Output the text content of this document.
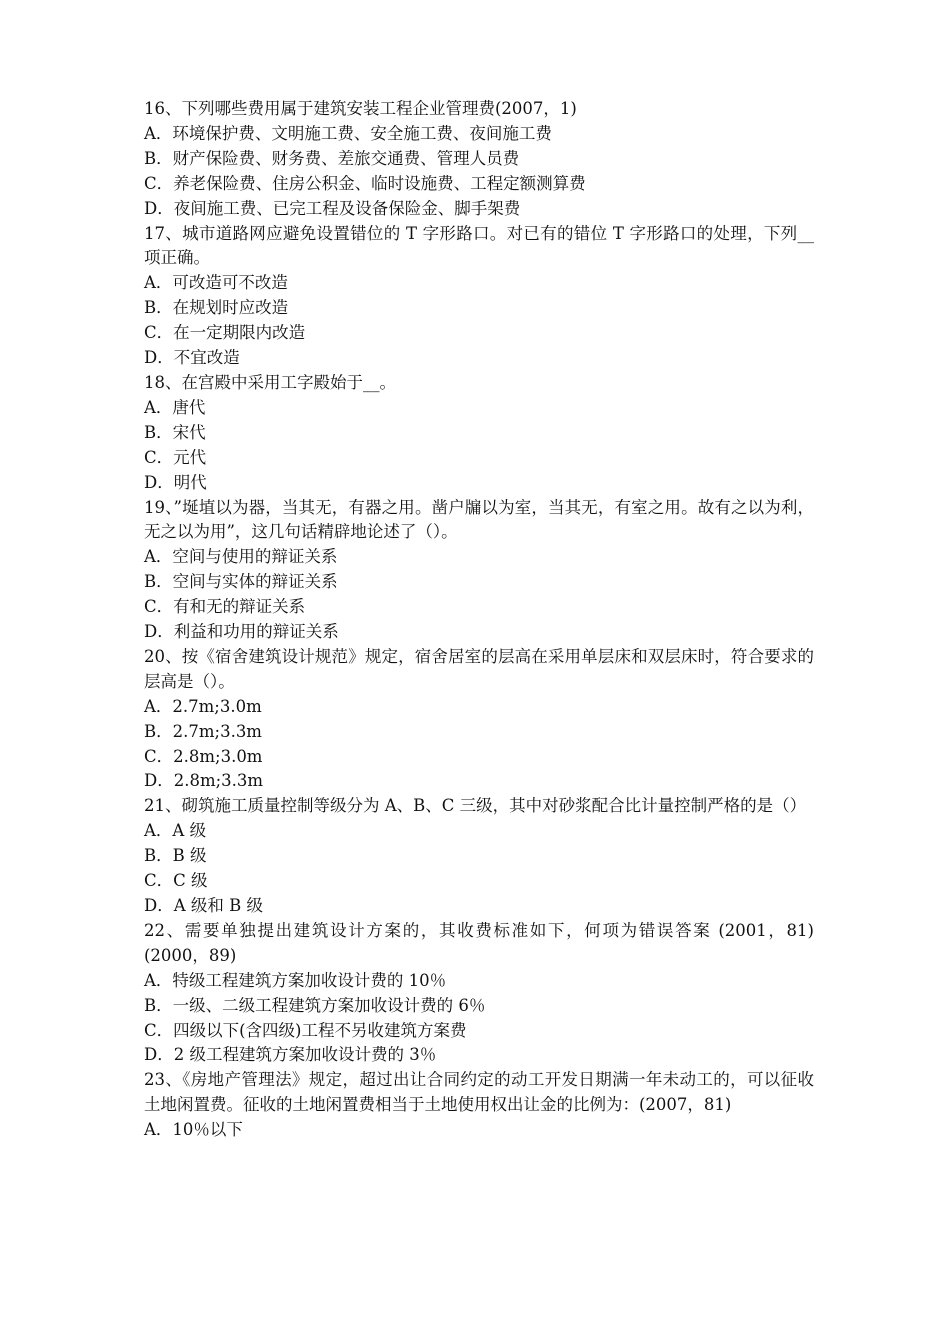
16、下列哪些费用属于建筑安装工程企业管理费(2007，1)

A．环境保护费、文明施工费、安全施工费、夜间施工费

B．财产保险费、财务费、差旅交通费、管理人员费

C．养老保险费、住房公积金、临时设施费、工程定额测算费

D．夜间施工费、已完工程及设备保险金、脚手架费

17、城市道路网应避免设置错位的 T 字形路口。对已有的错位 T 字形路口的处理，下列__项正确。

A．可改造可不改造

B．在规划时应改造

C．在一定期限内改造

D．不宜改造

18、在宫殿中采用工字殿始于__。

A．唐代

B．宋代

C．元代

D．明代

19、”埏埴以为器，当其无，有器之用。凿户牖以为室，当其无，有室之用。故有之以为利，无之以为用”，这几句话精辟地论述了（）。

A．空间与使用的辩证关系

B．空间与实体的辩证关系

C．有和无的辩证关系

D．利益和功用的辩证关系

20、按《宿舍建筑设计规范》规定，宿舍居室的层高在采用单层床和双层床时，符合要求的层高是（）。

A．2.7m;3.0m

B．2.7m;3.3m

C．2.8m;3.0m

D．2.8m;3.3m

21、砌筑施工质量控制等级分为 A、B、C 三级，其中对砂浆配合比计量控制严格的是（）

A．A 级

B．B 级

C．C 级

D．A 级和 B 级

22、需要单独提出建筑设计方案的，其收费标准如下，何项为错误答案 (2001，81)(2000，89)

A．特级工程建筑方案加收设计费的 10％

B．一级、二级工程建筑方案加收设计费的 6％

C．四级以下(含四级)工程不另收建筑方案费

D．2 级工程建筑方案加收设计费的 3％

23、《房地产管理法》规定，超过出让合同约定的动工开发日期满一年未动工的，可以征收土地闲置费。征收的土地闲置费相当于土地使用权出让金的比例为：(2007，81)

A．10％以下
